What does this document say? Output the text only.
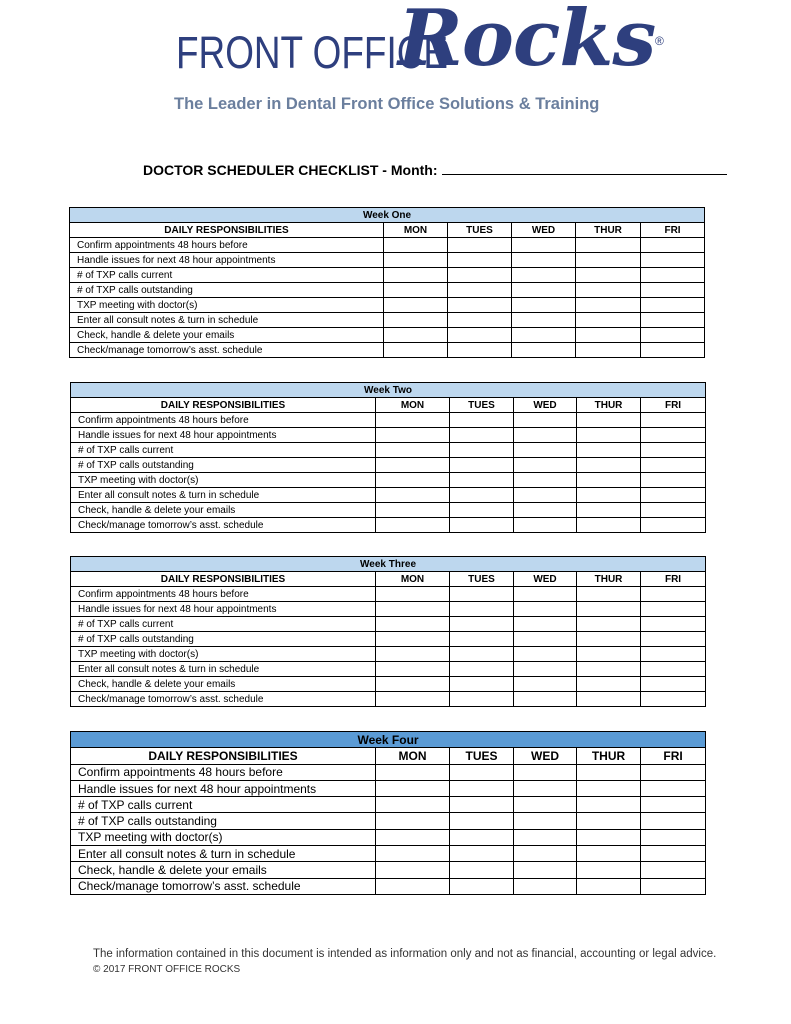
FRONT OFFICE
Rocks ®
The Leader in Dental Front Office Solutions & Training
DOCTOR SCHEDULER CHECKLIST - Month:
Week One					
DAILY RESPONSIBILITIES	MON	TUES	WED	THUR	FRI
Confirm appointments 48 hours before					
Handle issues for next 48 hour appointments					
# of TXP calls current					
# of TXP calls outstanding					
TXP meeting with doctor(s)					
Enter all consult notes & turn in schedule					
Check, handle & delete your emails					
Check/manage tomorrow’s asst. schedule					
Week Two					
DAILY RESPONSIBILITIES	MON	TUES	WED	THUR	FRI
Confirm appointments 48 hours before					
Handle issues for next 48 hour appointments					
# of TXP calls current					
# of TXP calls outstanding					
TXP meeting with doctor(s)					
Enter all consult notes & turn in schedule					
Check, handle & delete your emails					
Check/manage tomorrow’s asst. schedule					
Week Three					
DAILY RESPONSIBILITIES	MON	TUES	WED	THUR	FRI
Confirm appointments 48 hours before					
Handle issues for next 48 hour appointments					
# of TXP calls current					
# of TXP calls outstanding					
TXP meeting with doctor(s)					
Enter all consult notes & turn in schedule					
Check, handle & delete your emails					
Check/manage tomorrow’s asst. schedule					
Week Four					
DAILY RESPONSIBILITIES	MON	TUES	WED	THUR	FRI
Confirm appointments 48 hours before					
Handle issues for next 48 hour appointments					
# of TXP calls current					
# of TXP calls outstanding					
TXP meeting with doctor(s)					
Enter all consult notes & turn in schedule					
Check, handle & delete your emails					
Check/manage tomorrow’s asst. schedule					
The information contained in this document is intended as information only and not as financial, accounting or legal advice.
© 2017 FRONT OFFICE ROCKS
